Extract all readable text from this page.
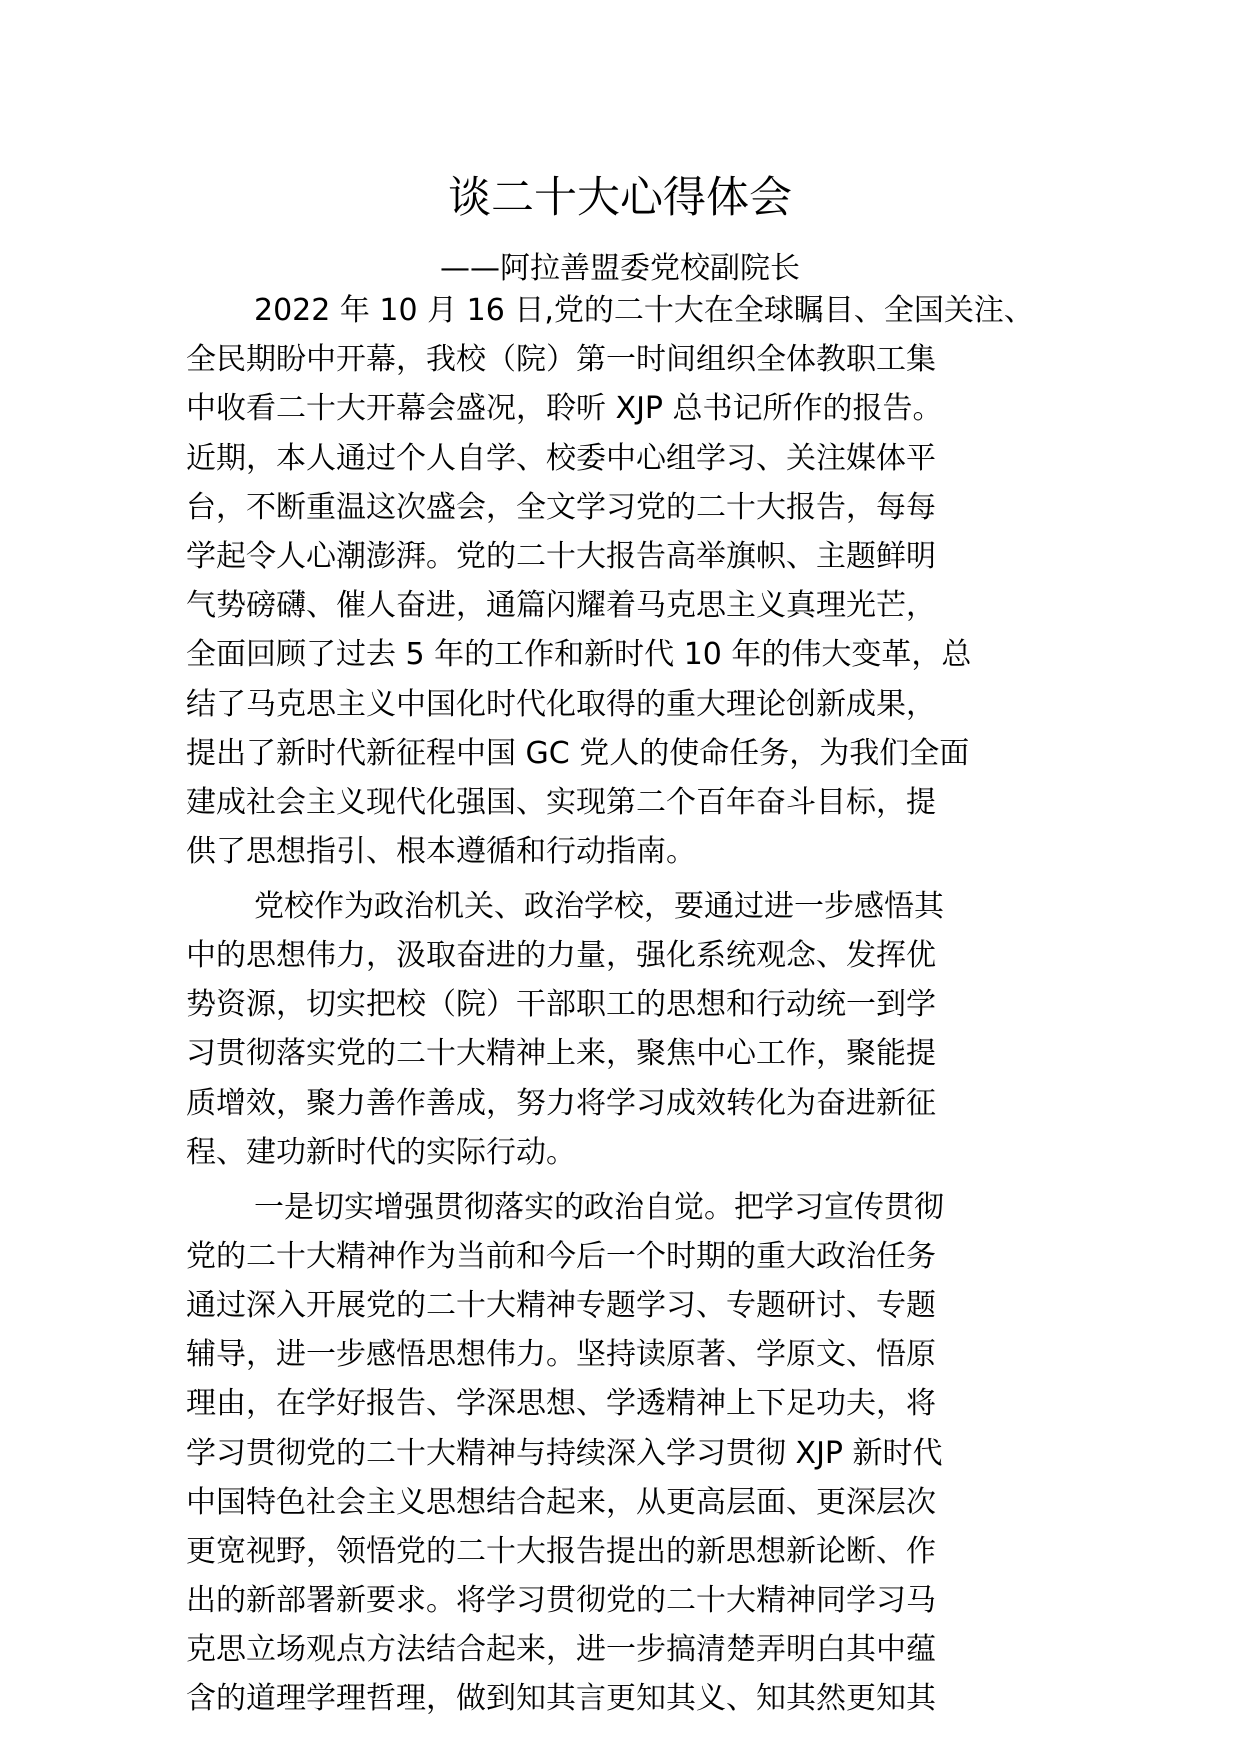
谈二十大心得体会
——阿拉善盟委党校副院长
2022 年 10 月 16 日,党的二十大在全球瞩目、全国关注、
全民期盼中开幕，我校（院）第一时间组织全体教职工集
中收看二十大开幕会盛况，聆听 XJP 总书记所作的报告。
近期，本人通过个人自学、校委中心组学习、关注媒体平
台，不断重温这次盛会，全文学习党的二十大报告，每每
学起令人心潮澎湃。党的二十大报告高举旗帜、主题鲜明
气势磅礴、催人奋进，通篇闪耀着马克思主义真理光芒，
全面回顾了过去 5 年的工作和新时代 10 年的伟大变革，总
结了马克思主义中国化时代化取得的重大理论创新成果，
提出了新时代新征程中国 GC 党人的使命任务，为我们全面
建成社会主义现代化强国、实现第二个百年奋斗目标，提
供了思想指引、根本遵循和行动指南。
党校作为政治机关、政治学校，要通过进一步感悟其
中的思想伟力，汲取奋进的力量，强化系统观念、发挥优
势资源，切实把校（院）干部职工的思想和行动统一到学
习贯彻落实党的二十大精神上来，聚焦中心工作，聚能提
质增效，聚力善作善成，努力将学习成效转化为奋进新征
程、建功新时代的实际行动。
一是切实增强贯彻落实的政治自觉。把学习宣传贯彻
党的二十大精神作为当前和今后一个时期的重大政治任务
通过深入开展党的二十大精神专题学习、专题研讨、专题
辅导，进一步感悟思想伟力。坚持读原著、学原文、悟原
理由，在学好报告、学深思想、学透精神上下足功夫，将
学习贯彻党的二十大精神与持续深入学习贯彻 XJP 新时代
中国特色社会主义思想结合起来，从更高层面、更深层次
更宽视野，领悟党的二十大报告提出的新思想新论断、作
出的新部署新要求。将学习贯彻党的二十大精神同学习马
克思立场观点方法结合起来，进一步搞清楚弄明白其中蕴
含的道理学理哲理，做到知其言更知其义、知其然更知其
